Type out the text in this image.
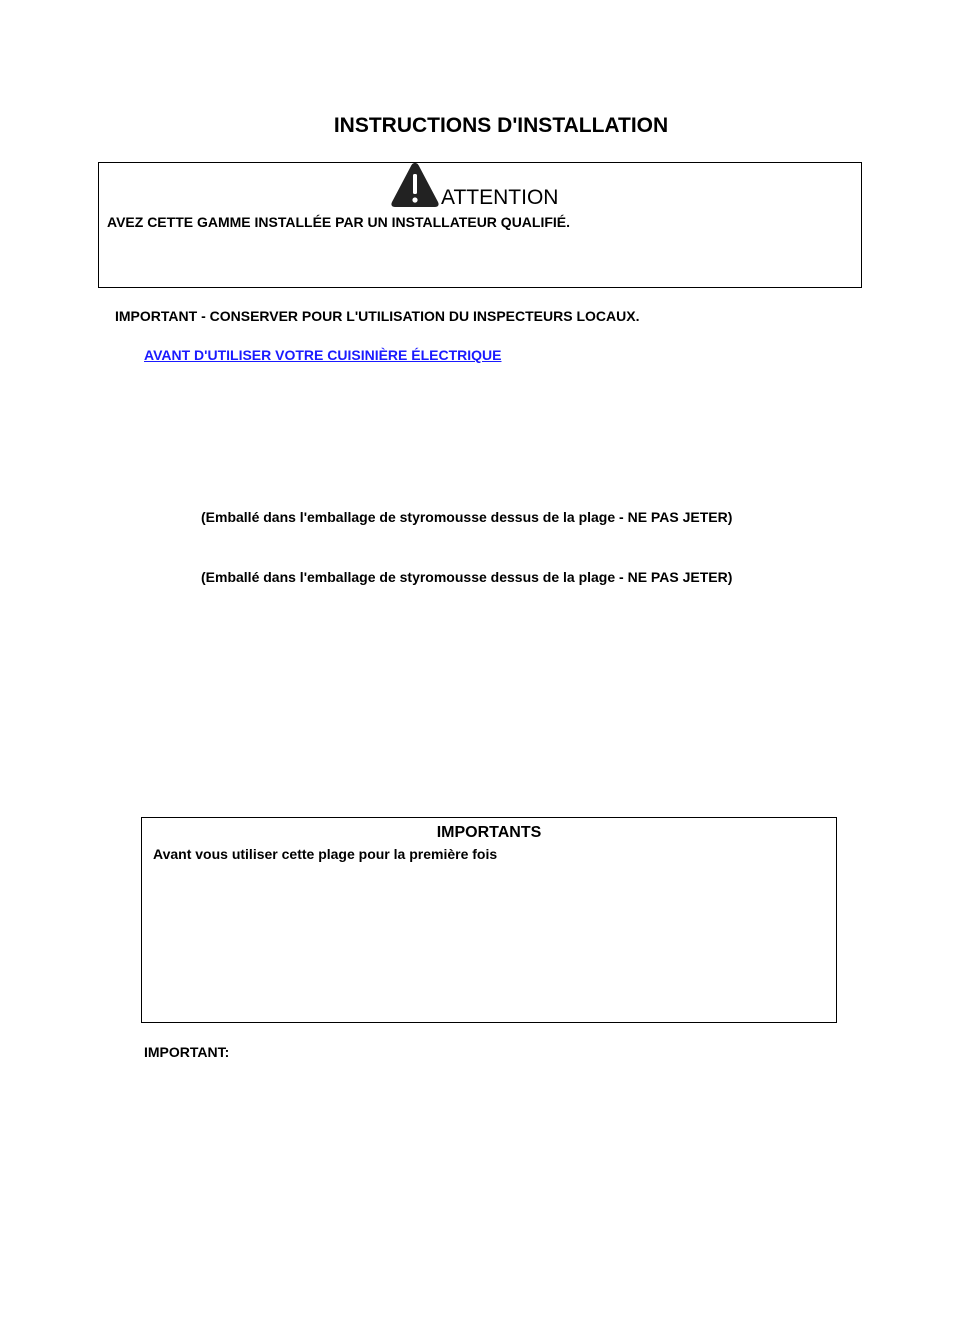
INSTRUCTIONS D'INSTALLATION
ATTENTION
AVEZ CETTE GAMME INSTALLÉE PAR UN INSTALLATEUR QUALIFIÉ.
IMPORTANT - CONSERVER POUR L'UTILISATION DU INSPECTEURS LOCAUX.
AVANT D'UTILISER VOTRE CUISINIÈRE ÉLECTRIQUE
(Emballé dans l'emballage de styromousse dessus de la plage - NE PAS JETER)
(Emballé dans l'emballage de styromousse dessus de la plage - NE PAS JETER)
IMPORTANTS
Avant vous utiliser cette plage pour la première fois
IMPORTANT:
